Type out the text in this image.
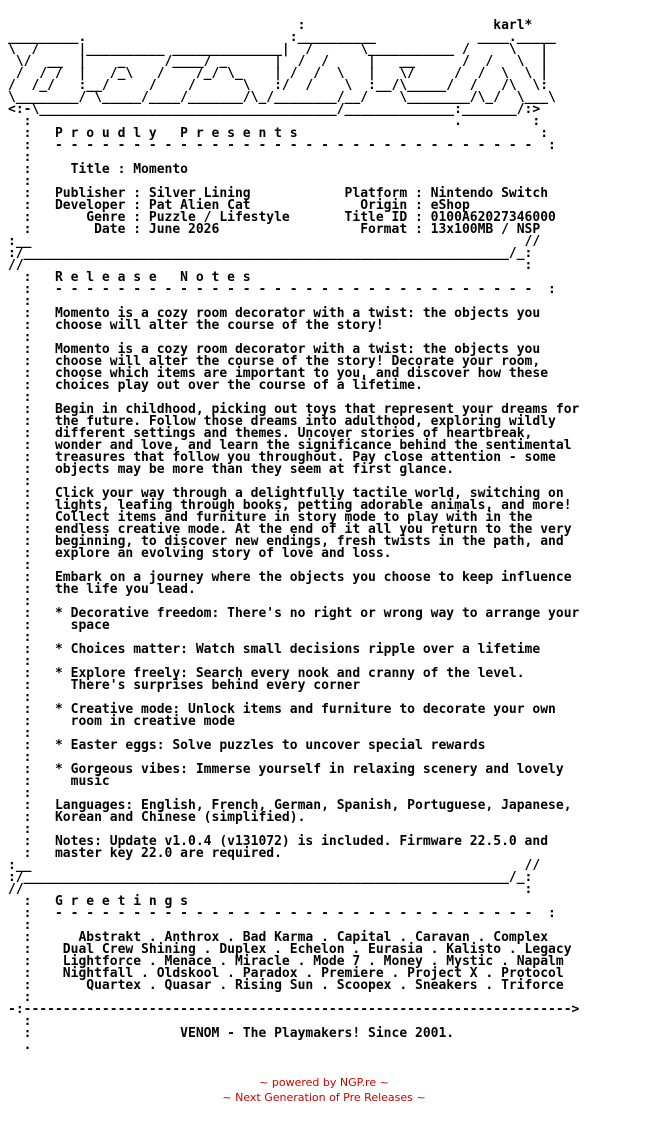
:                        karl*
_________.                          :__________             ____._____
\  /     |__________ ______________|  /      \___________ /     \   |
\/  __  |    _     /____/ _      |  /  /     |   __      /  /   \  |
/  / /  |   /_\   /    /_/ \_    | /  /  \   |   \/     /  /  \  \ |
/  /_/   :__/     /    /      \   :/  /    \  :__/\_____/  /   /\  \:
\________/ \_____/____/_______/\_/________/__/    \________/\_/  \___\
<:-\______________________________________/______________:_______/:>
:                                                      .         :
:   P r o u d l y   P r e s e n t s                               :
:   - - - - - - - - - - - - - - - - - - - - - - - - - - - - - - -  :
:
:     Title : Momento
:
:   Publisher : Silver Lining            Platform : Nintendo Switch
:   Developer : Pat Alien Cat              Origin : eShop
:       Genre : Puzzle / Lifestyle       Title ID : 0100A62027346000
:        Date : June 2026                  Format : 13x100MB / NSP
:__                                                               //
:/______________________________________________________________/_:
//                                                                :
:   R e l e a s e   N o t e s
:   - - - - - - - - - - - - - - - - - - - - - - - - - - - - - - -  :
:
:   Momento is a cozy room decorator with a twist: the objects you
:   choose will alter the course of the story!
:
:   Momento is a cozy room decorator with a twist: the objects you
:   choose will alter the course of the story! Decorate your room,
:   choose which items are important to you, and discover how these
:   choices play out over the course of a lifetime.
:
:   Begin in childhood, picking out toys that represent your dreams for
:   the future. Follow those dreams into adulthood, exploring wildly
:   different settings and themes. Uncover stories of heartbreak,
:   wonder and love, and learn the significance behind the sentimental
:   treasures that follow you throughout. Pay close attention - some
:   objects may be more than they seem at first glance.
:
:   Click your way through a delightfully tactile world, switching on
:   lights, leafing through books, petting adorable animals, and more!
:   Collect items and furniture in story mode to play with in the
:   endless creative mode. At the end of it all you return to the very
:   beginning, to discover new endings, fresh twists in the path, and
:   explore an evolving story of love and loss.
:
:   Embark on a journey where the objects you choose to keep influence
:   the life you lead.
:
:   * Decorative freedom: There's no right or wrong way to arrange your
:     space
:
:   * Choices matter: Watch small decisions ripple over a lifetime
:
:   * Explore freely: Search every nook and cranny of the level.
:     There's surprises behind every corner
:
:   * Creative mode: Unlock items and furniture to decorate your own
:     room in creative mode
:
:   * Easter eggs: Solve puzzles to uncover special rewards
:
:   * Gorgeous vibes: Immerse yourself in relaxing scenery and lovely
:     music
:
:   Languages: English, French, German, Spanish, Portuguese, Japanese,
:   Korean and Chinese (simplified).
:
:   Notes: Update v1.0.4 (v131072) is included. Firmware 22.5.0 and
:   master key 22.0 are required.
:__                                                               //
:/______________________________________________________________/_:
//                                                                :
:   G r e e t i n g s
:   - - - - - - - - - - - - - - - - - - - - - - - - - - - - - - -  :
:
:      Abstrakt . Anthrox . Bad Karma . Capital . Caravan . Complex
:    Dual Crew Shining . Duplex . Echelon . Eurasia . Kalisto . Legacy
:    Lightforce . Menace . Miracle . Mode 7 . Money . Mystic . Napalm
:    Nightfall . Oldskool . Paradox . Premiere . Project X . Protocol
:       Quartex . Quasar . Rising Sun . Scoopex . Sneakers . Triforce
:
-:---------------------------------------------------------------------->
:
:                   VENOM - The Playmakers! Since 2001.
.

~ powered by NGP.re ~
~ Next Generation of Pre Releases ~
